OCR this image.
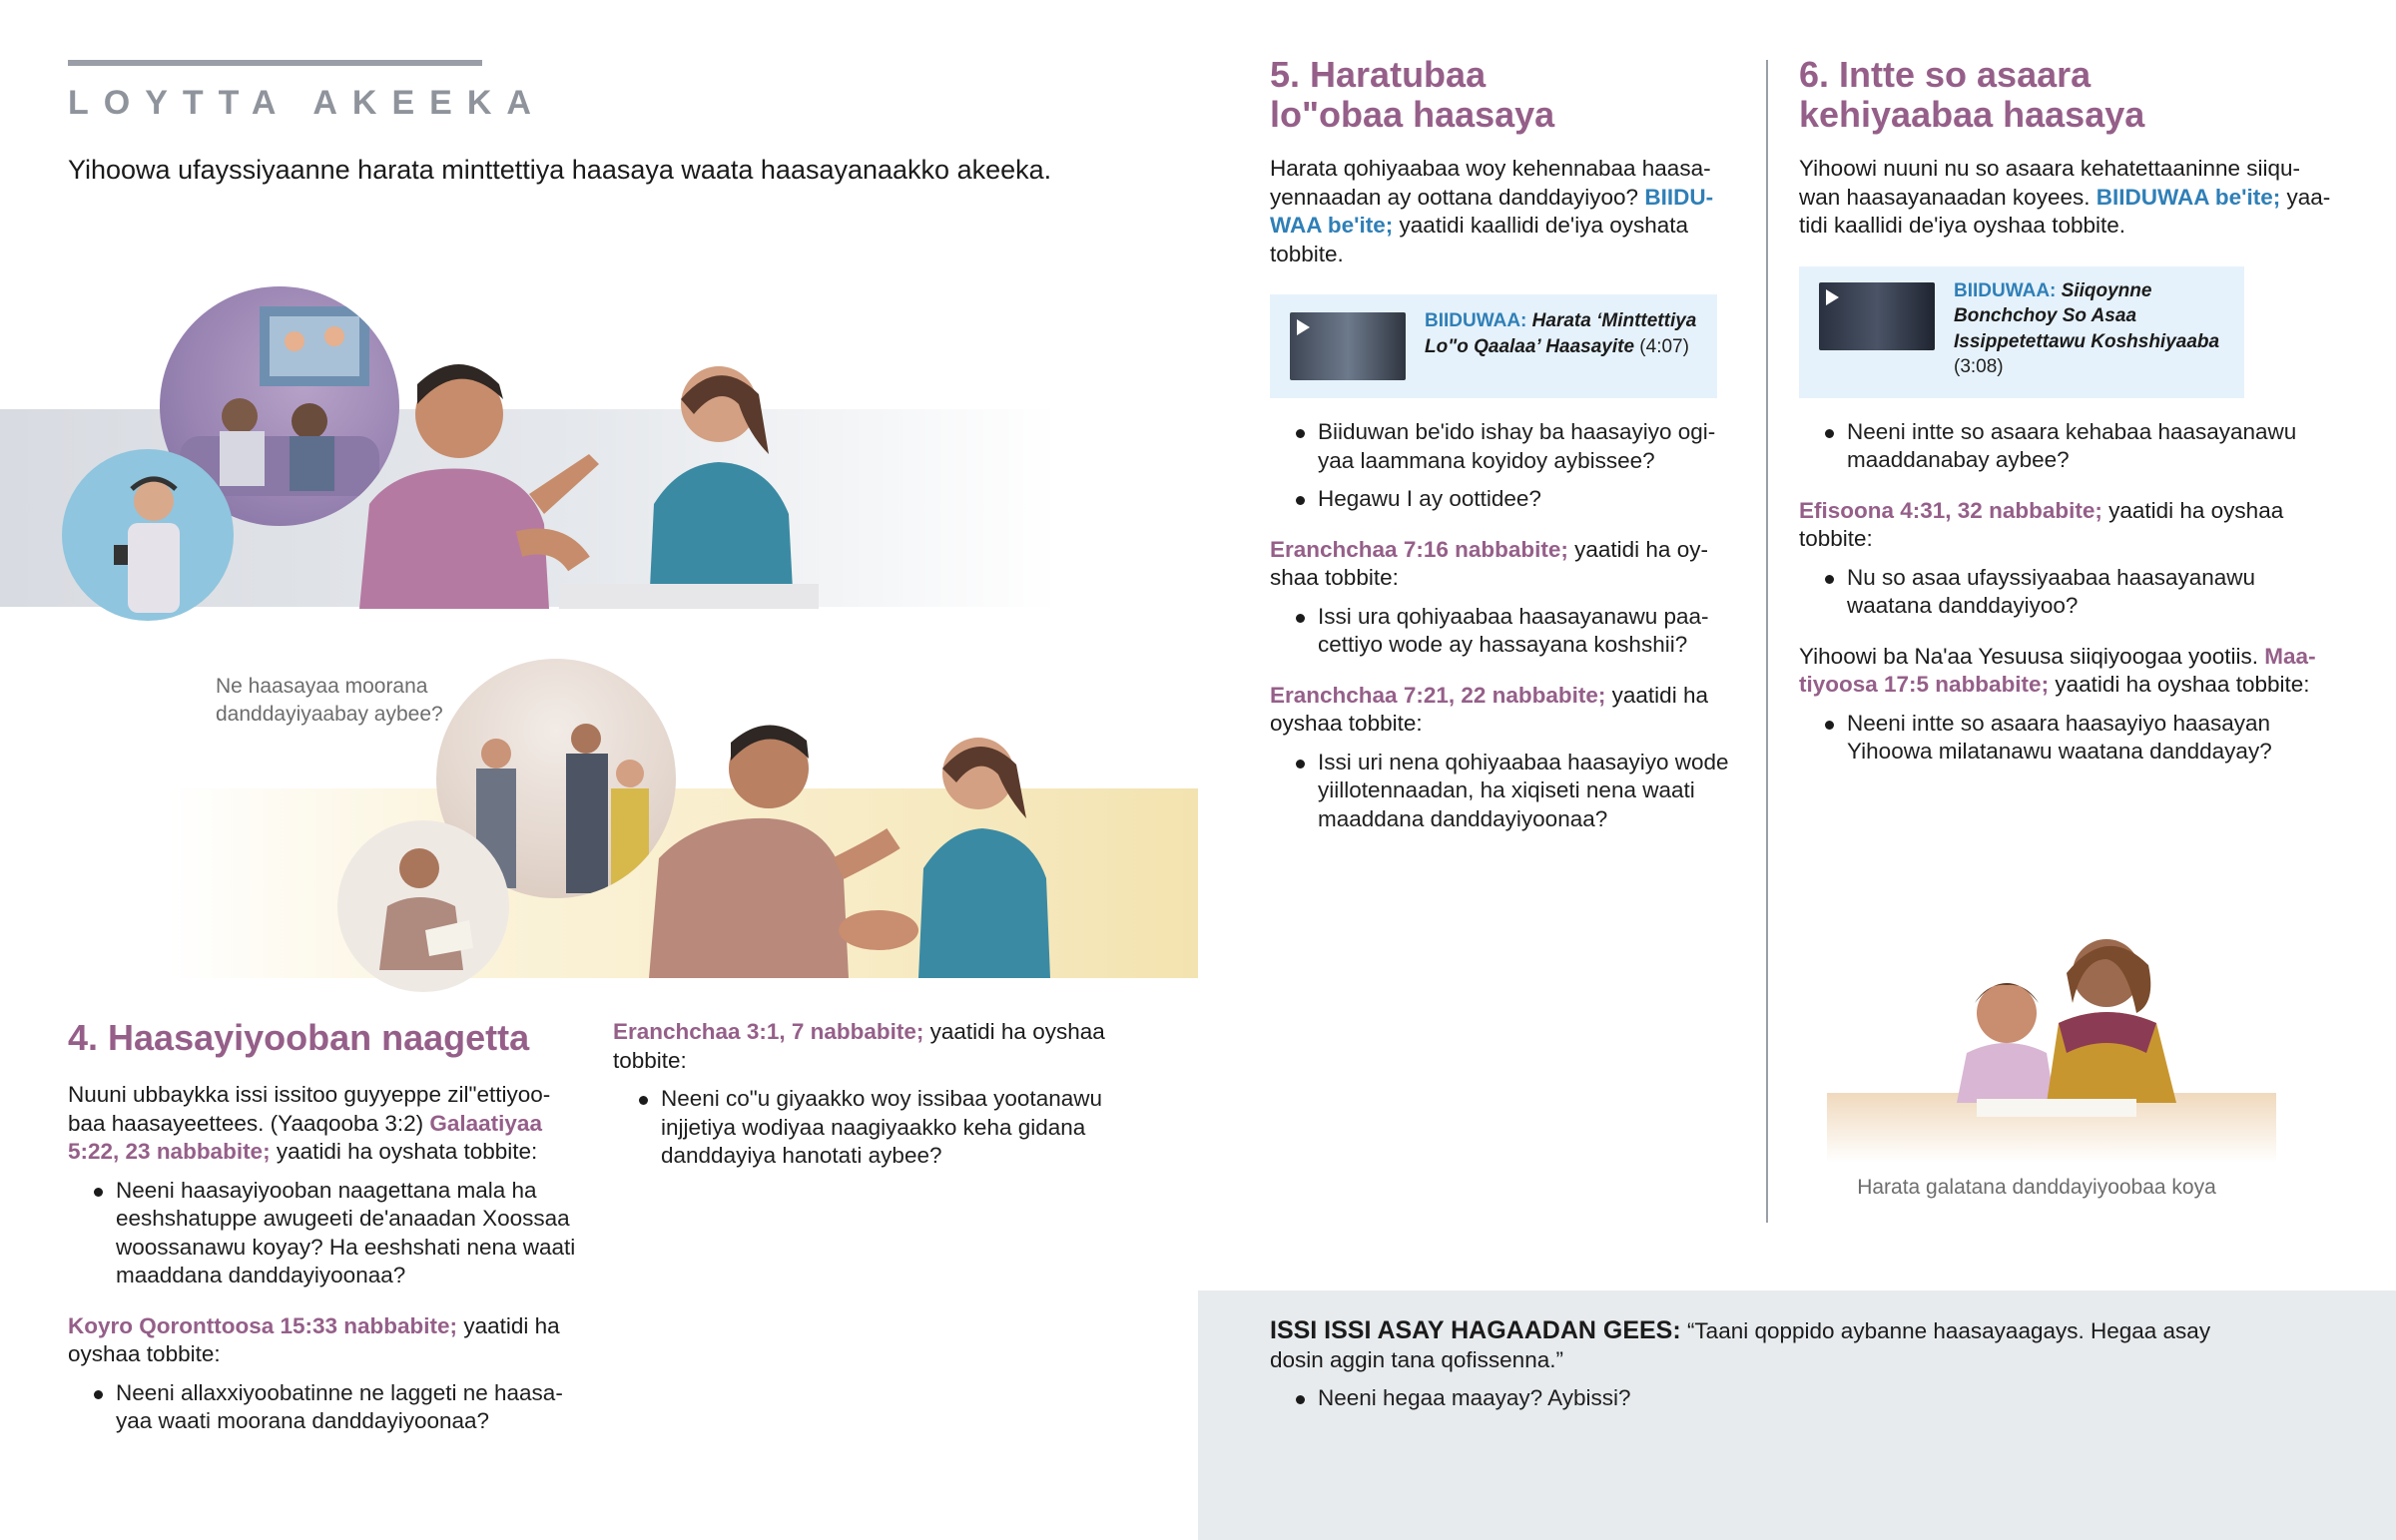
LOYTTA AKEEKA
Yihoowa ufayssiyaanne harata minttettiya haasaya waata haasayanaakko akeeka.
Ne haasayaa moorana danddayiyaabay aybee?
4. Haasayiyooban naagetta

Nuuni ubbaykka issi issitoo guyyeppe zil"ettiyoo-baa haasayeettees. (Yaaqooba 3:2) Galaatiyaa 5:22, 23 nabbabite; yaatidi ha oyshata tobbite:

Neeni haasayiyooban naagettana mala ha eeshshatuppe awugeeti de'anaadan Xoossaa woossanawu koyay? Ha eeshshati nena waati maaddana danddayiyoonaa?

Koyro Qoronttoosa 15:33 nabbabite; yaatidi ha oyshaa tobbite:

Neeni allaxxiyoobatinne ne laggeti ne haasa-yaa waati moorana danddayiyoonaa?

Eranchchaa 3:1, 7 nabbabite; yaatidi ha oyshaa tobbite:

Neeni co"u giyaakko woy issibaa yootanawu injjetiya wodiyaa naagiyaakko keha gidana danddayiya hanotati aybee?
5. Haratubaa
lo"obaa haasaya

Harata qohiyaabaa woy kehennabaa haasa-yennaadan ay oottana danddayiyoo? BIIDU-WAA be'ite; yaatidi kaallidi de'iya oyshata tobbite.

BIIDUWAA: Harata ‘Minttettiya Lo"o Qaalaa’ Haasayite (4:07)
Biiduwan be'ido ishay ba haasayiyo ogi-yaa laammana koyidoy aybissee?
Hegawu I ay oottidee?

Eranchchaa 7:16 nabbabite; yaatidi ha oy-shaa tobbite:

Issi ura qohiyaabaa haasayanawu paa-cettiyo wode ay hassayana koshshii?

Eranchchaa 7:21, 22 nabbabite; yaatidi ha oyshaa tobbite:

Issi uri nena qohiyaabaa haasayiyo wode yiillotennaadan, ha xiqiseti nena waati maaddana danddayiyoonaa?
6. Intte so asaara
kehiyaabaa haasaya

Yihoowi nuuni nu so asaara kehatettaaninne siiqu-wan haasayanaadan koyees. BIIDUWAA be'ite; yaa-tidi kaallidi de'iya oyshaa tobbite.

BIIDUWAA: Siiqoynne Bonchchoy So Asaa Issippetettawu Koshshiyaaba (3:08)
Neeni intte so asaara kehabaa haasayanawu maaddanabay aybee?

Efisoona 4:31, 32 nabbabite; yaatidi ha oyshaa tobbite:

Nu so asaa ufayssiyaabaa haasayanawu waatana danddayiyoo?

Yihoowi ba Na'aa Yesuusa siiqiyoogaa yootiis. Maa-tiyoosa 17:5 nabbabite; yaatidi ha oyshaa tobbite:

Neeni intte so asaara haasayiyo haasayan Yihoowa milatanawu waatana danddayay?
Harata galatana danddayiyoobaa koya

ISSI ISSI ASAY HAGAADAN GEES: “Taani qoppido aybanne haasayaagays. Hegaa asay dosin aggin tana qofissenna.”

Neeni hegaa maayay? Aybissi?
